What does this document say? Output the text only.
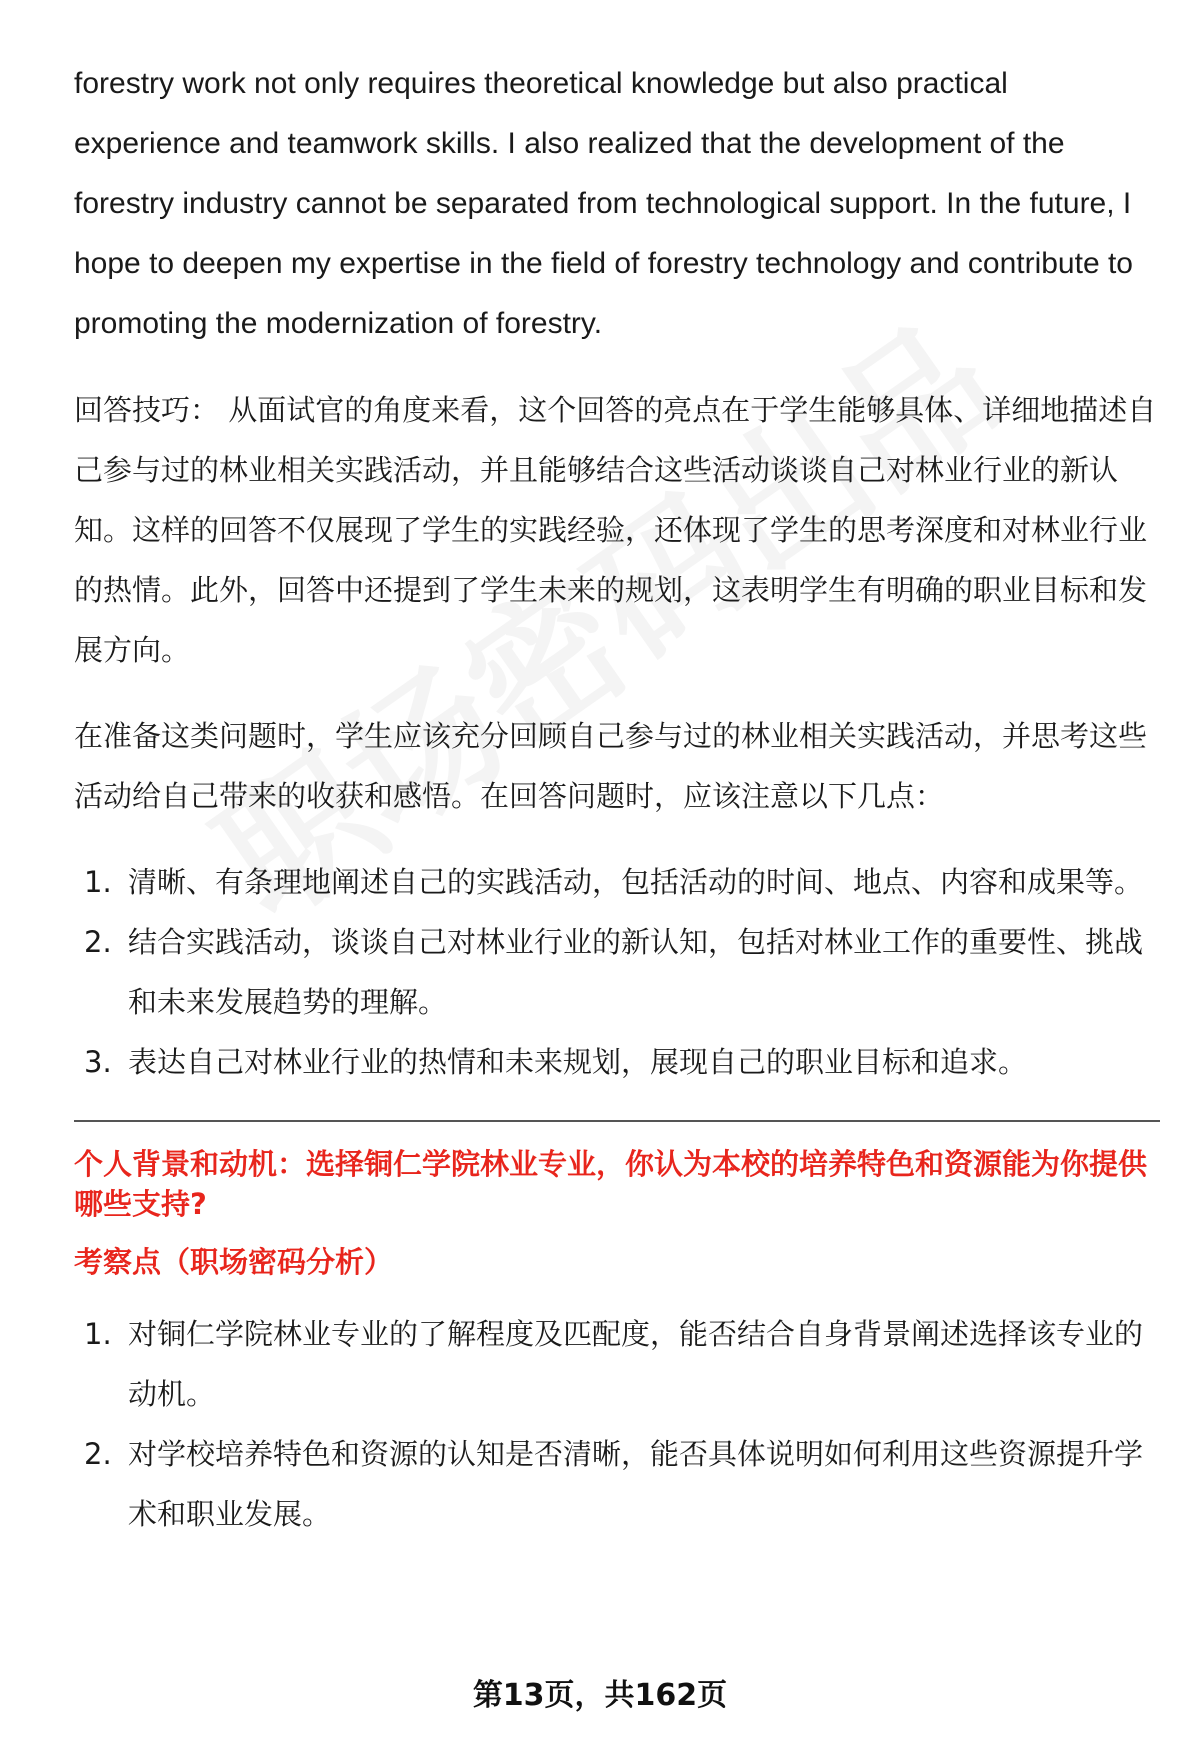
forestry work not only requires theoretical knowledge but also practical experience and teamwork skills. I also realized that the development of the forestry industry cannot be separated from technological support. In the future, I hope to deepen my expertise in the field of forestry technology and contribute to promoting the modernization of forestry.

回答技巧： 从面试官的角度来看，这个回答的亮点在于学生能够具体、详细地描述自己参与过的林业相关实践活动，并且能够结合这些活动谈谈自己对林业行业的新认知。这样的回答不仅展现了学生的实践经验，还体现了学生的思考深度和对林业行业的热情。此外，回答中还提到了学生未来的规划，这表明学生有明确的职业目标和发展方向。

在准备这类问题时，学生应该充分回顾自己参与过的林业相关实践活动，并思考这些活动给自己带来的收获和感悟。在回答问题时，应该注意以下几点：

1. 清晰、有条理地阐述自己的实践活动，包括活动的时间、地点、内容和成果等。
2. 结合实践活动，谈谈自己对林业行业的新认知，包括对林业工作的重要性、挑战和未来发展趋势的理解。
3. 表达自己对林业行业的热情和未来规划，展现自己的职业目标和追求。

个人背景和动机：选择铜仁学院林业专业，你认为本校的培养特色和资源能为你提供哪些支持?

考察点（职场密码分析）

1. 对铜仁学院林业专业的了解程度及匹配度，能否结合自身背景阐述选择该专业的动机。
2. 对学校培养特色和资源的认知是否清晰，能否具体说明如何利用这些资源提升学术和职业发展。
第13页，共162页
